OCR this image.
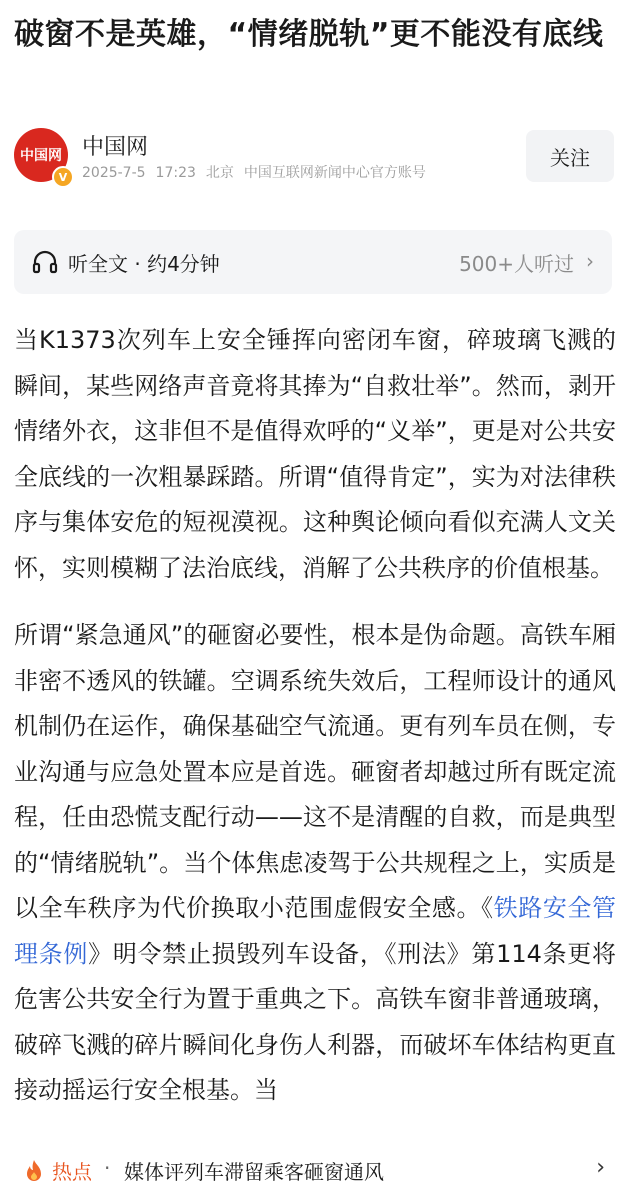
破窗不是英雄，“情绪脱轨”更不能没有底线
中国网
V
中国网
2025-7-5 17:23 北京 中国互联网新闻中心官方账号
关注
听全文 · 约4分钟	500+人听过 ›

当K1373次列车上安全锤挥向密闭车窗，碎玻璃飞溅的瞬间，某些网络声音竟将其捧为“自救壮举”。然而，剥开情绪外衣，这非但不是值得欢呼的“义举”，更是对公共安全底线的一次粗暴踩踏。所谓“值得肯定”，实为对法律秩序与集体安危的短视漠视。这种舆论倾向看似充满人文关怀，实则模糊了法治底线，消解了公共秩序的价值根基。

所谓“紧急通风”的砸窗必要性，根本是伪命题。高铁车厢非密不透风的铁罐。空调系统失效后，工程师设计的通风机制仍在运作，确保基础空气流通。更有列车员在侧，专业沟通与应急处置本应是首选。砸窗者却越过所有既定流程，任由恐慌支配行动——这不是清醒的自救，而是典型的“情绪脱轨”。当个体焦虑凌驾于公共规程之上，实质是以全车秩序为代价换取小范围虚假安全感。《铁路安全管理条例》明令禁止损毁列车设备，《刑法》第114条更将危害公共安全行为置于重典之下。高铁车窗非普通玻璃，破碎飞溅的碎片瞬间化身伤人利器，而破坏车体结构更直接动摇运行安全根基。当

热点 · 媒体评列车滞留乘客砸窗通风	›
